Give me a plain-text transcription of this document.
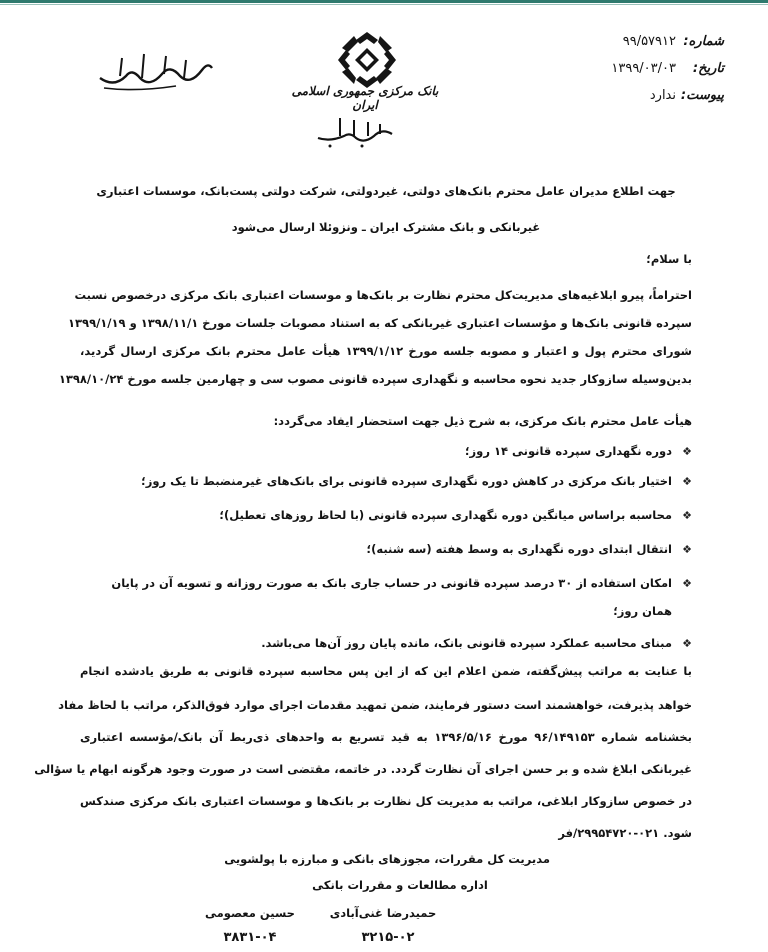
شماره:
تاریخ:
پیوست:
۹۹/۵۷۹۱۲
۱۳۹۹/۰۳/۰۳
ندارد
بانک مرکزی جمهوری اسلامی ایران
جهت اطلاع مدیران عامل محترم بانک‌های دولتی، غیردولتی، شرکت دولتی پست‌بانک، موسسات اعتباری
غیربانکی و بانک مشترک ایران ـ ونزوئلا ارسال می‌شود
با سلام؛
احتراماً، پیرو ابلاغیه‌های مدیریت‌کل محترم نظارت بر بانک‌ها و موسسات اعتباری بانک مرکزی درخصوص نسبت
سپرده قانونی بانک‌ها و مؤسسات اعتباری غیربانکی که به استناد مصوبات جلسات مورخ ۱۳۹۸/۱۱/۱ و ۱۳۹۹/۱/۱۹
شورای محترم پول و اعتبار و مصوبه جلسه مورخ ۱۳۹۹/۱/۱۲ هیأت عامل محترم بانک مرکزی ارسال گردید،
بدین‌وسیله سازوکار جدید نحوه محاسبه و نگهداری سپرده قانونی مصوب سی و چهارمین جلسه مورخ ۱۳۹۸/۱۰/۲۴
هیأت عامل محترم بانک مرکزی، به شرح ذیل جهت استحضار ایفاد می‌گردد:
❖دوره نگهداری سپرده قانونی ۱۴ روز؛
❖اختیار بانک مرکزی در کاهش دوره نگهداری سپرده قانونی برای بانک‌های غیرمنضبط تا یک روز؛
❖محاسبه براساس میانگین دوره نگهداری سپرده قانونی (با لحاظ روزهای تعطیل)؛
❖انتقال ابتدای دوره نگهداری به وسط هفته (سه شنبه)؛
❖امکان استفاده از ۳۰ درصد سپرده قانونی در حساب جاری بانک به صورت روزانه و تسویه آن در پایان
همان روز؛
❖مبنای محاسبه عملکرد سپرده قانونی بانک، مانده پایان روز آن‌ها می‌باشد.
با عنایت به مراتب پیش‌گفته، ضمن اعلام این که از این پس محاسبه سپرده قانونی به طریق یادشده انجام
خواهد پذیرفت، خواهشمند است دستور فرمایند، ضمن تمهید مقدمات اجرای موارد فوق‌الذکر، مراتب با لحاظ مفاد
بخشنامه شماره ۹۶/۱۴۹۱۵۳ مورخ ۱۳۹۶/۵/۱۶ به قید تسریع به واحدهای ذی‌ربط آن بانک/مؤسسه اعتباری
غیربانکی ابلاغ شده و بر حسن اجرای آن نظارت گردد. در خاتمه، مقتضی است در صورت وجود هرگونه ابهام یا سؤالی
در خصوص سازوکار ابلاغی، مراتب به مدیریت کل نظارت بر بانک‌ها و موسسات اعتباری بانک مرکزی صندکس
شود. ۰۲۱-۲۹۹۵۴۷۲۰/فر
مدیریت کل مقررات، مجوزهای بانکی و مبارزه با پولشویی
اداره مطالعات و مقررات بانکی
حمیدرضا غنی‌آبادی
حسین معصومی
۳۲۱۵-۰۲
۳۸۳۱-۰۴
